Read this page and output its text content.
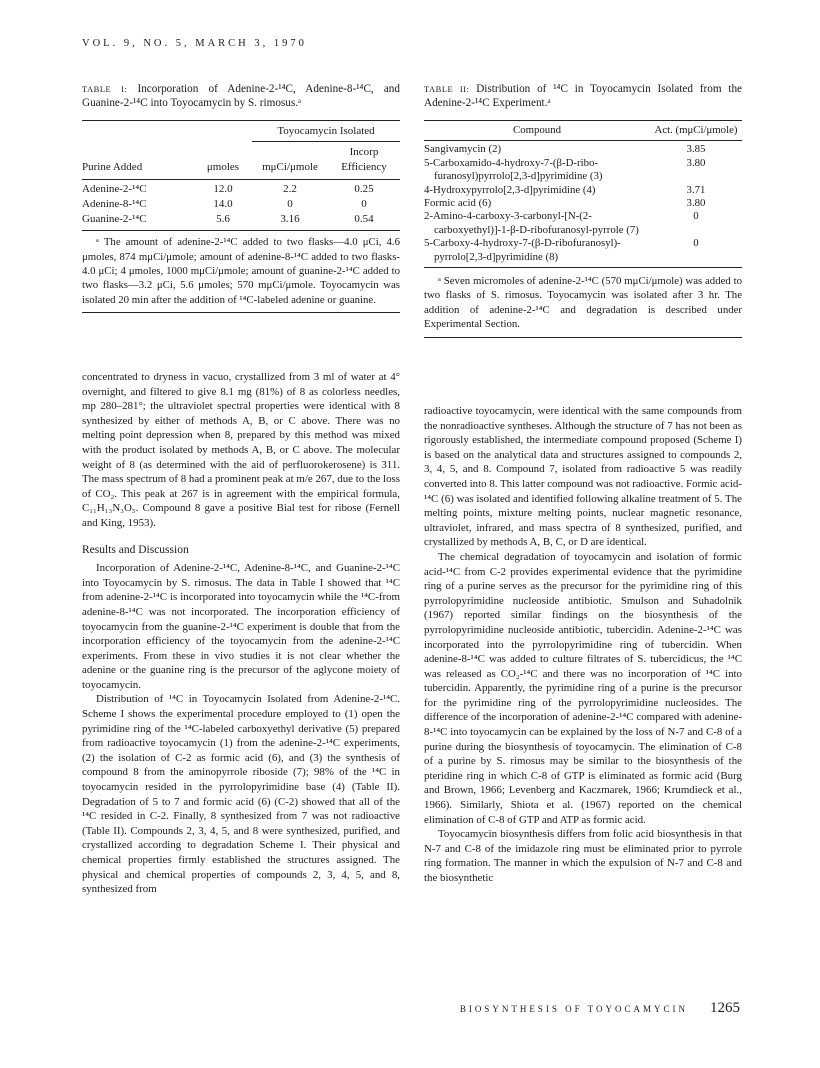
VOL. 9, NO. 5, MARCH 3, 1970
TABLE I: Incorporation of Adenine-2-¹⁴C, Adenine-8-¹⁴C, and Guanine-2-¹⁴C into Toyocamycin by S. rimosus.ᵃ
		Toyocamycin Isolated	
			Incorp
Purine Added	μmoles	mμCi/μmole	Efficiency
Adenine-2-¹⁴C	12.0	2.2	0.25
Adenine-8-¹⁴C	14.0	0	0
Guanine-2-¹⁴C	5.6	3.16	0.54
ᵃ The amount of adenine-2-¹⁴C added to two flasks—4.0 μCi, 4.6 μmoles, 874 mμCi/μmole; amount of adenine-8-¹⁴C added to two flasks-4.0 μCi; 4 μmoles, 1000 mμCi/μmole; amount of guanine-2-¹⁴C added to two flasks—3.2 μCi, 5.6 μmoles; 570 mμCi/μmole. Toyocamycin was isolated 20 min after the addition of ¹⁴C-labeled adenine or guanine.
TABLE II: Distribution of ¹⁴C in Toyocamycin Isolated from the Adenine-2-¹⁴C Experiment.ᵃ
Compound	Act. (mμCi/μmole)
Sangivamycin (2)	3.85
5-Carboxamido-4-hydroxy-7-(β-D-ribo-furanosyl)pyrrolo[2,3-d]pyrimidine (3)	3.80
4-Hydroxypyrrolo[2,3-d]pyrimidine (4)	3.71
Formic acid (6)	3.80
2-Amino-4-carboxy-3-carbonyl-[N-(2-carboxyethyl)]-1-β-D-ribofuranosyl-pyrrole (7)	0
5-Carboxy-4-hydroxy-7-(β-D-ribofuranosyl)-pyrrolo[2,3-d]pyrimidine (8)	0
ᵃ Seven micromoles of adenine-2-¹⁴C (570 mμCi/μmole) was added to two flasks of S. rimosus. Toyocamycin was isolated after 3 hr. The addition of adenine-2-¹⁴C and degradation is described under Experimental Section.

concentrated to dryness in vacuo, crystallized from 3 ml of water at 4° overnight, and filtered to give 8.1 mg (81%) of 8 as colorless needles, mp 280–281°; the ultraviolet spectral properties were identical with 8 synthesized by either of methods A, B, or C above. There was no melting point depression when 8, prepared by this method was mixed with the product isolated by methods A, B, or C above. The molecular weight of 8 (as determined with the aid of perfluorokerosene) is 311. The mass spectrum of 8 had a prominent peak at m/e 267, due to the loss of CO₂. This peak at 267 is in agreement with the empirical formula, C₁₁H₁₃N₃O₅. Compound 8 gave a positive Bial test for ribose (Fernell and King, 1953).

Results and Discussion

Incorporation of Adenine-2-¹⁴C, Adenine-8-¹⁴C, and Guanine-2-¹⁴C into Toyocamycin by S. rimosus. The data in Table I showed that ¹⁴C from adenine-2-¹⁴C is incorporated into toyocamycin while the ¹⁴C-from adenine-8-¹⁴C was not incorporated. The incorporation efficiency of toyocamycin from the guanine-2-¹⁴C experiment is double that from the incorporation efficiency of the toyocamycin from the adenine-2-¹⁴C experiments. From these in vivo studies it is not clear whether the adenine or the guanine ring is the precursor of the aglycone moiety of toyocamycin.

Distribution of ¹⁴C in Toyocamycin Isolated from Adenine-2-¹⁴C. Scheme I shows the experimental procedure employed to (1) open the pyrimidine ring of the ¹⁴C-labeled carboxyethyl derivative (5) prepared from radioactive toyocamycin (1) from the adenine-2-¹⁴C experiments, (2) the isolation of C-2 as formic acid (6), and (3) the synthesis of compound 8 from the aminopyrrole riboside (7); 98% of the ¹⁴C in toyocamycin resided in the pyrrolopyrimidine base (4) (Table II). Degradation of 5 to 7 and formic acid (6) (C-2) showed that all of the ¹⁴C resided in C-2. Finally, 8 synthesized from 7 was not radioactive (Table II). Compounds 2, 3, 4, 5, and 8 were synthesized, purified, and crystallized according to degradation Scheme I. Their physical and chemical properties firmly established the structures assigned. The physical and chemical properties of compounds 2, 3, 4, 5, and 8, synthesized from

radioactive toyocamycin, were identical with the same compounds from the nonradioactive syntheses. Although the structure of 7 has not been as rigorously established, the intermediate compound proposed (Scheme I) is based on the analytical data and structures assigned to compounds 2, 3, 4, 5, and 8. Compound 7, isolated from radioactive 5 was readily converted into 8. This latter compound was not radioactive. Formic acid-¹⁴C (6) was isolated and identified following alkaline treatment of 5. The melting points, mixture melting points, nuclear magnetic resonance, ultraviolet, infrared, and mass spectra of 8 synthesized, purified, and crystallized by methods A, B, C, or D are identical.

The chemical degradation of toyocamycin and isolation of formic acid-¹⁴C from C-2 provides experimental evidence that the pyrimidine ring of a purine serves as the precursor for the pyrimidine ring of this pyrrolopyrimidine nucleoside antibiotic. Smulson and Suhadolnik (1967) reported similar findings on the biosynthesis of the pyrrolopyrimidine nucleoside antibiotic, tubercidin. Adenine-2-¹⁴C was incorporated into the pyrrolopyrimidine ring of tubercidin. When adenine-8-¹⁴C was added to culture filtrates of S. tubercidicus, the ¹⁴C was released as CO₂-¹⁴C and there was no incorporation of ¹⁴C into tubercidin. Apparently, the pyrimidine ring of a purine is the precursor for the pyrimidine ring of the pyrrolopyrimidine nucleosides. The difference of the incorporation of adenine-2-¹⁴C compared with adenine-8-¹⁴C into toyocamycin can be explained by the loss of N-7 and C-8 of a purine during the biosynthesis of toyocamycin. The elimination of C-8 of a purine by S. rimosus may be similar to the biosynthesis of the pteridine ring in which C-8 of GTP is eliminated as formic acid (Burg and Brown, 1966; Levenberg and Kaczmarek, 1966; Krumdieck et al., 1966). Similarly, Shiota et al. (1967) reported on the chemical elimination of C-8 of GTP and ATP as formic acid.

Toyocamycin biosynthesis differs from folic acid biosynthesis in that N-7 and C-8 of the imidazole ring must be eliminated prior to pyrrole ring formation. The manner in which the expulsion of N-7 and C-8 and the biosynthetic

BIOSYNTHESIS OF TOYOCAMYCIN 1265
